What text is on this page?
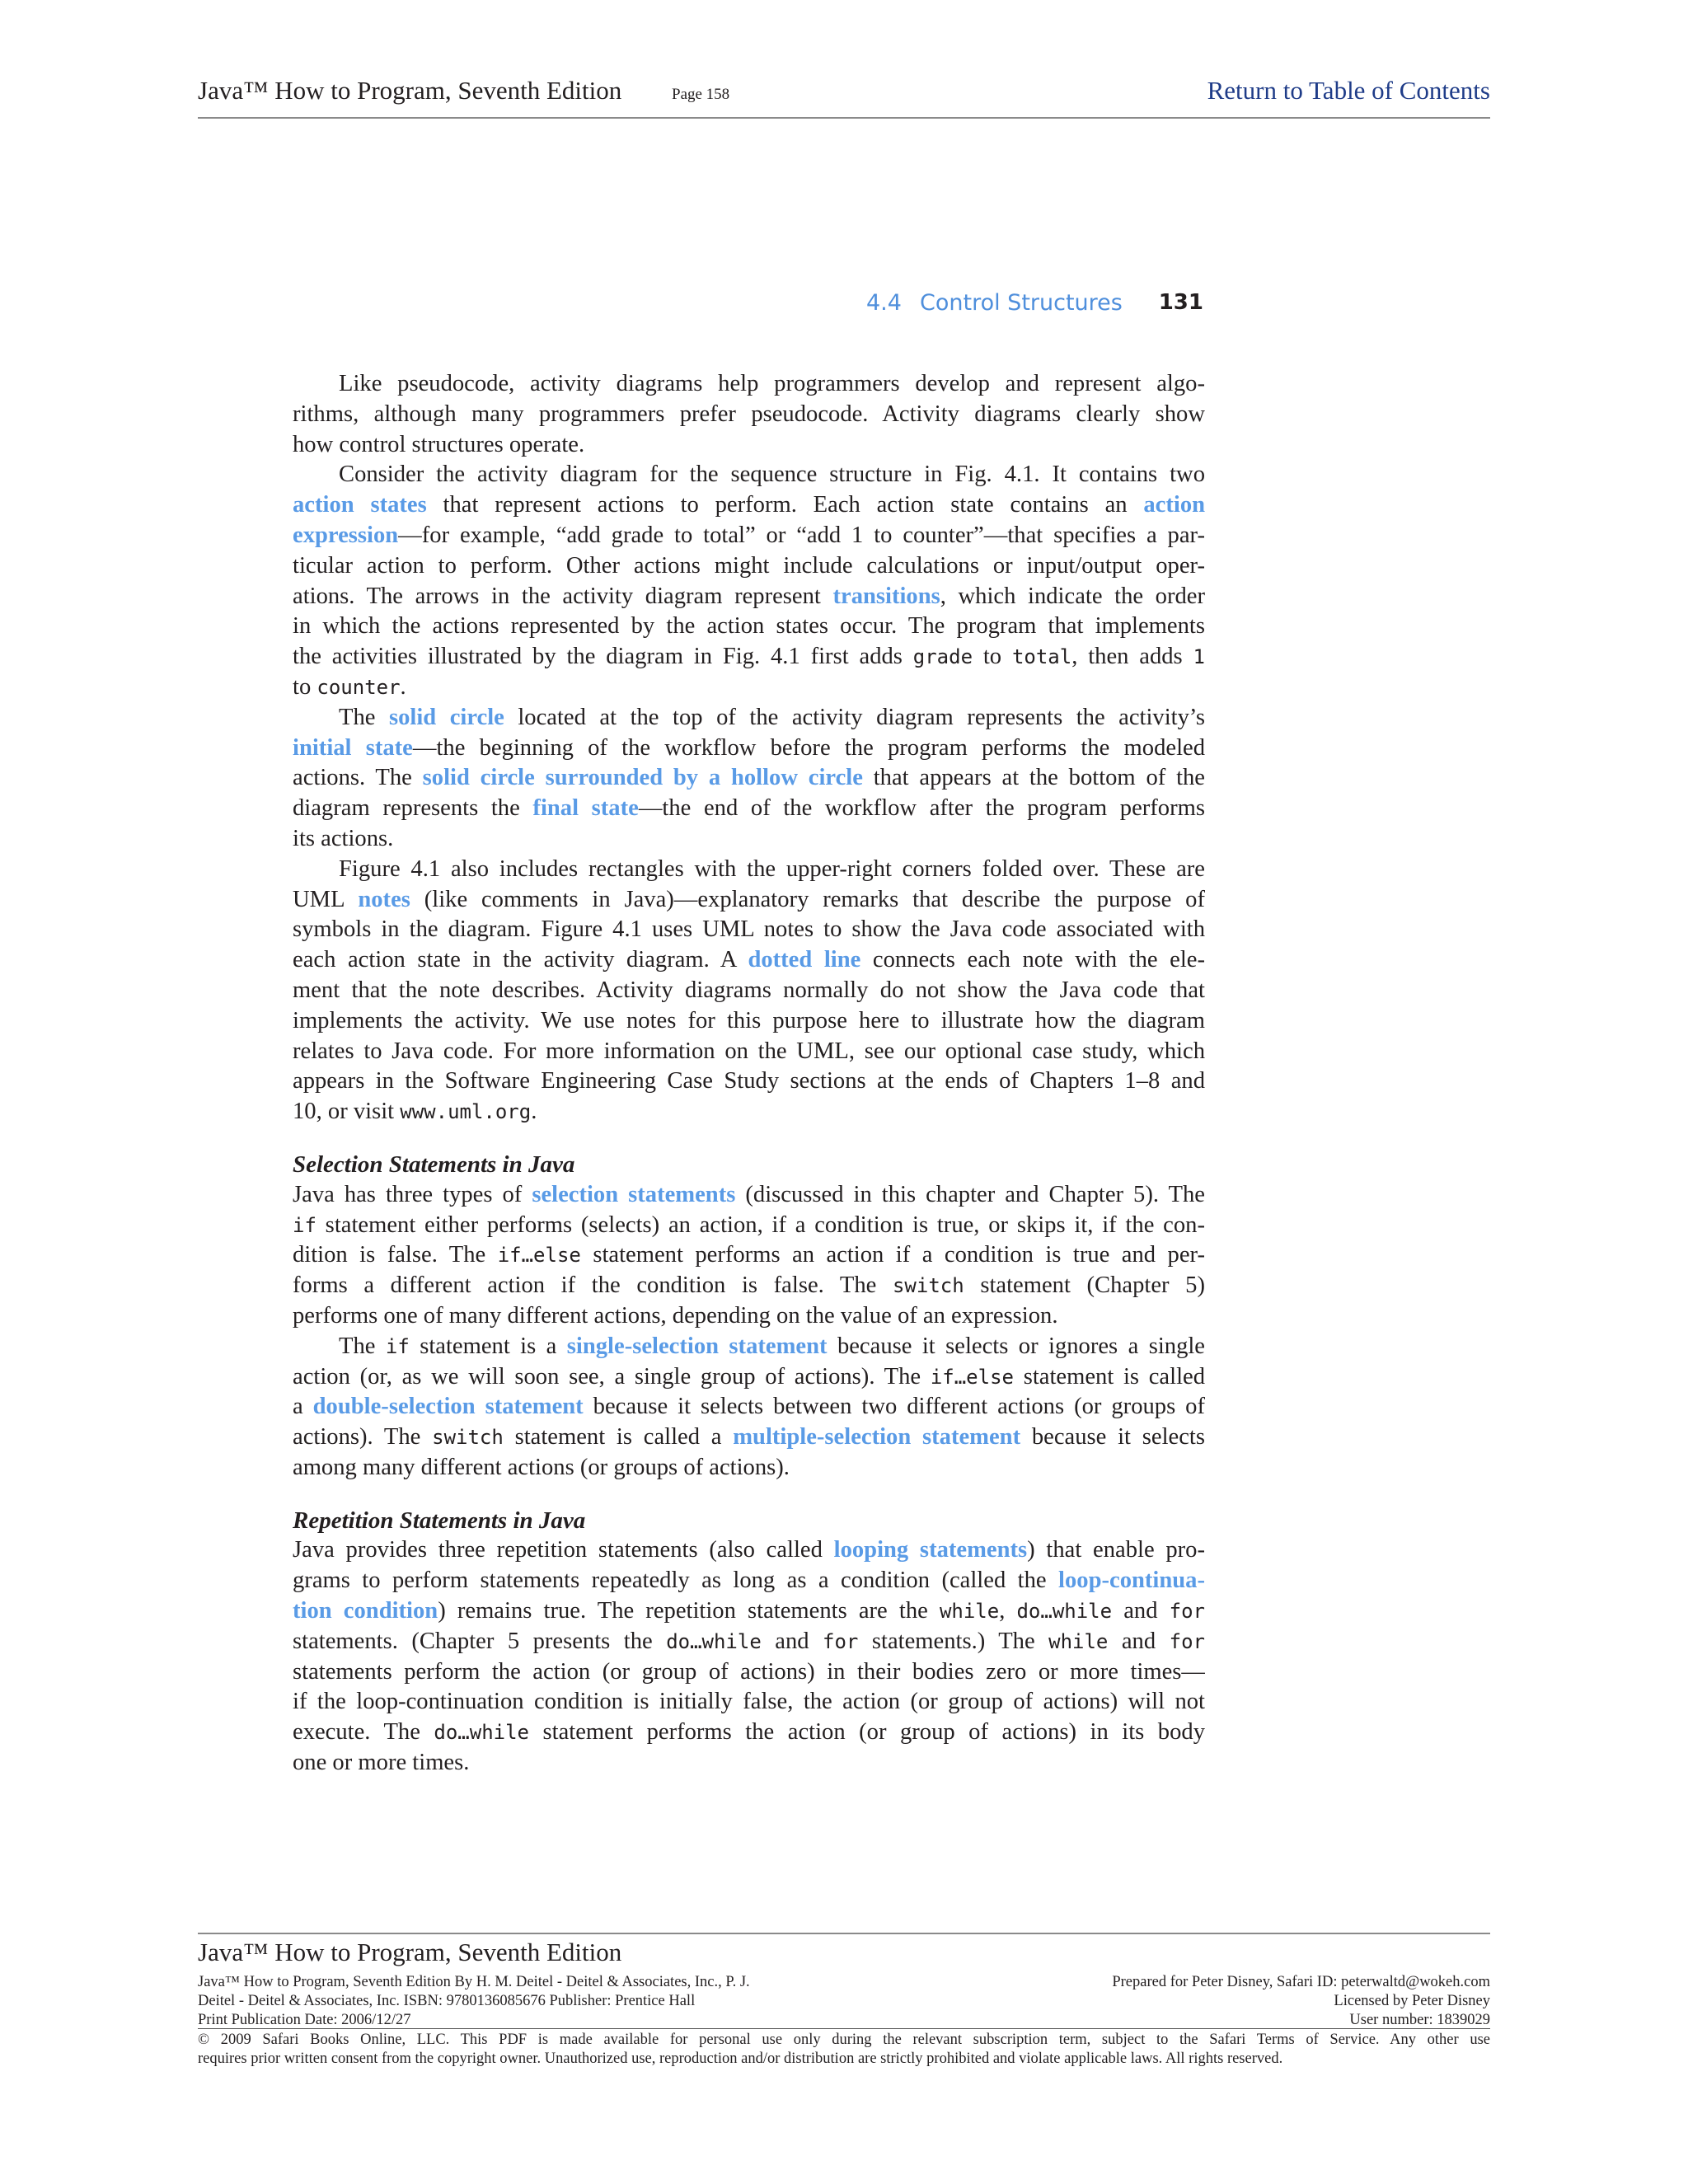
Java™ How to Program, Seventh Edition	Page 158	Return to Table of Contents
4.4 Control Structures 131
Like pseudocode, activity diagrams help programmers develop and represent algo-
rithms, although many programmers prefer pseudocode. Activity diagrams clearly show
how control structures operate.
Consider the activity diagram for the sequence structure in Fig. 4.1. It contains two
action states that represent actions to perform. Each action state contains an action
expression—for example, “add grade to total” or “add 1 to counter”—that specifies a par-
ticular action to perform. Other actions might include calculations or input/output oper-
ations. The arrows in the activity diagram represent transitions, which indicate the order
in which the actions represented by the action states occur. The program that implements
the activities illustrated by the diagram in Fig. 4.1 first adds grade to total, then adds 1
to counter.
The solid circle located at the top of the activity diagram represents the activity’s
initial state—the beginning of the workflow before the program performs the modeled
actions. The solid circle surrounded by a hollow circle that appears at the bottom of the
diagram represents the final state—the end of the workflow after the program performs
its actions.
Figure 4.1 also includes rectangles with the upper-right corners folded over. These are
UML notes (like comments in Java)—explanatory remarks that describe the purpose of
symbols in the diagram. Figure 4.1 uses UML notes to show the Java code associated with
each action state in the activity diagram. A dotted line connects each note with the ele-
ment that the note describes. Activity diagrams normally do not show the Java code that
implements the activity. We use notes for this purpose here to illustrate how the diagram
relates to Java code. For more information on the UML, see our optional case study, which
appears in the Software Engineering Case Study sections at the ends of Chapters 1–8 and
10, or visit www.uml.org.
Selection Statements in Java
Java has three types of selection statements (discussed in this chapter and Chapter 5). The
if statement either performs (selects) an action, if a condition is true, or skips it, if the con-
dition is false. The if…else statement performs an action if a condition is true and per-
forms a different action if the condition is false. The switch statement (Chapter 5)
performs one of many different actions, depending on the value of an expression.
The if statement is a single-selection statement because it selects or ignores a single
action (or, as we will soon see, a single group of actions). The if…else statement is called
a double-selection statement because it selects between two different actions (or groups of
actions). The switch statement is called a multiple-selection statement because it selects
among many different actions (or groups of actions).
Repetition Statements in Java
Java provides three repetition statements (also called looping statements) that enable pro-
grams to perform statements repeatedly as long as a condition (called the loop-continua-
tion condition) remains true. The repetition statements are the while, do…while and for
statements. (Chapter 5 presents the do…while and for statements.) The while and for
statements perform the action (or group of actions) in their bodies zero or more times—
if the loop-continuation condition is initially false, the action (or group of actions) will not
execute. The do…while statement performs the action (or group of actions) in its body
one or more times.
Java™ How to Program, Seventh Edition
Java™ How to Program, Seventh Edition By H. M. Deitel - Deitel & Associates, Inc., P. J.
Deitel - Deitel & Associates, Inc. ISBN: 9780136085676 Publisher: Prentice Hall
Print Publication Date: 2006/12/27
Prepared for Peter Disney, Safari ID: peterwaltd@wokeh.com
Licensed by Peter Disney
User number: 1839029
© 2009 Safari Books Online, LLC. This PDF is made available for personal use only during the relevant subscription term, subject to the Safari Terms of Service. Any other use
requires prior written consent from the copyright owner. Unauthorized use, reproduction and/or distribution are strictly prohibited and violate applicable laws. All rights reserved.
